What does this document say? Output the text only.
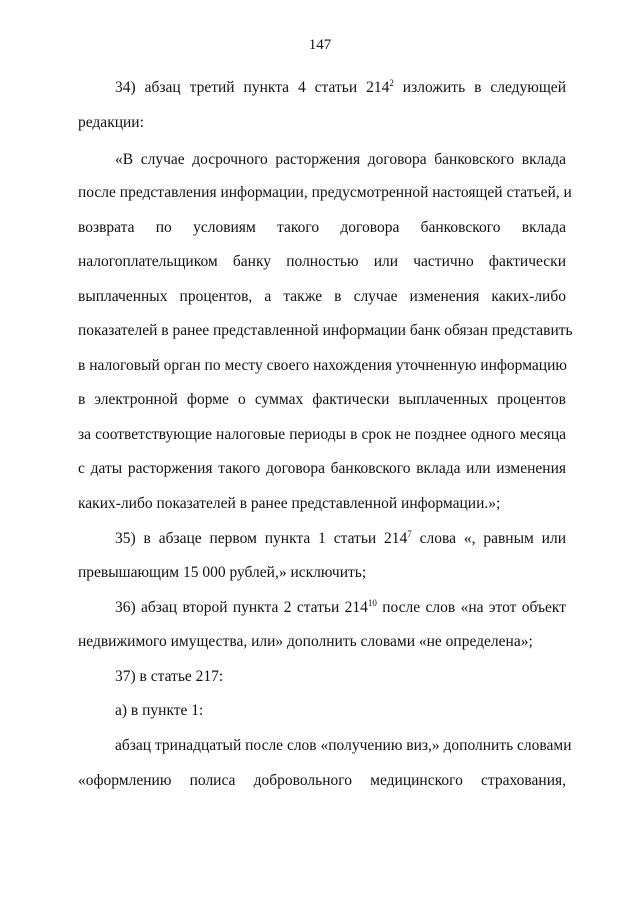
147
34) абзац третий пункта 4 статьи $214^2$ изложить в следующей
редакции:
«В случае досрочного расторжения договора банковского вклада
после представления информации, предусмотренной настоящей статьей, и
возврата по условиям такого договора банковского вклада
налогоплательщиком банку полностью или частично фактически
выплаченных процентов, а также в случае изменения каких-либо
показателей в ранее представленной информации банк обязан представить
в налоговый орган по месту своего нахождения уточненную информацию
в электронной форме о суммах фактически выплаченных процентов
за соответствующие налоговые периоды в срок не позднее одного месяца
с даты расторжения такого договора банковского вклада или изменения
каких-либо показателей в ранее представленной информации.»;
35) в абзаце первом пункта 1 статьи $214^7$ слова «, равным или
превышающим 15 000 рублей,» исключить;
36) абзац второй пункта 2 статьи $214^{10}$ после слов «на этот объект
недвижимого имущества, или» дополнить словами «не определена»;
37) в статье 217:
а) в пункте 1:
абзац тринадцатый после слов «получению виз,» дополнить словами
«оформлению полиса добровольного медицинского страхования,
